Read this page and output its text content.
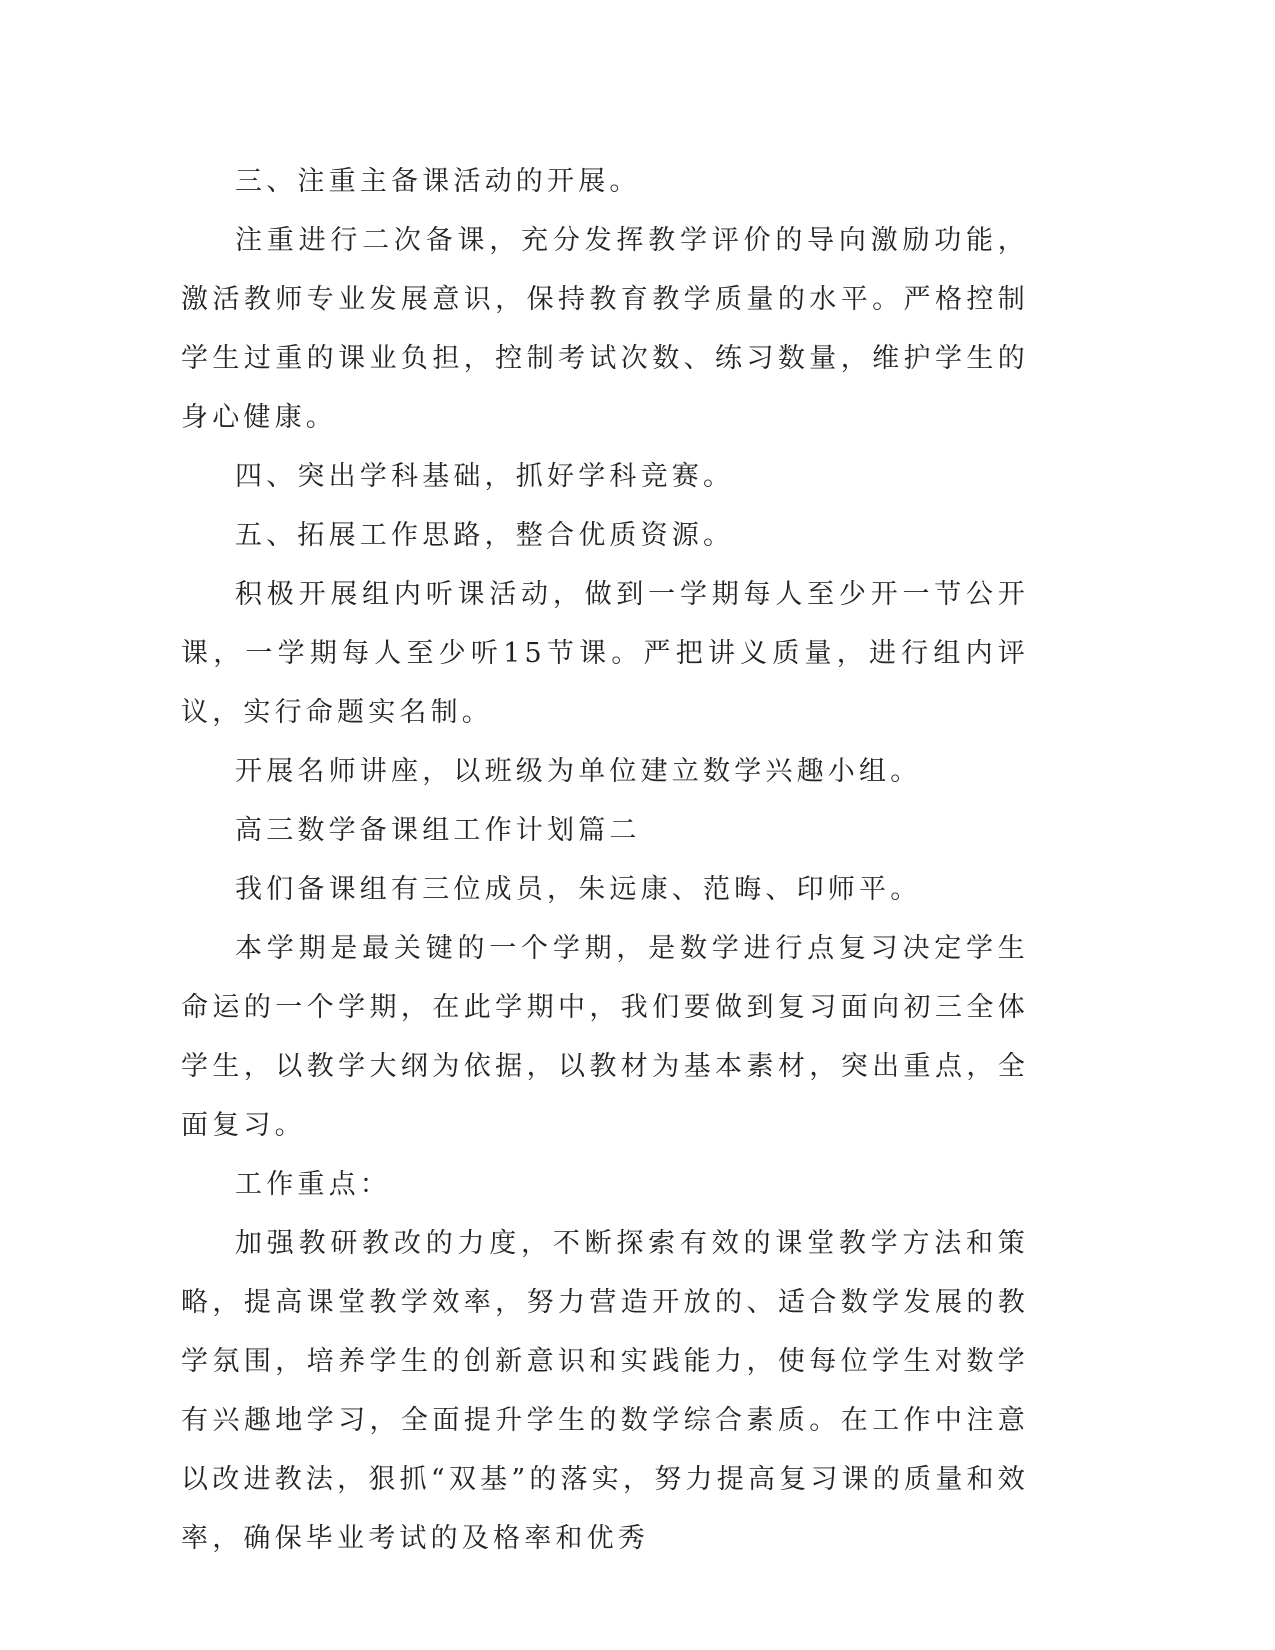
三、注重主备课活动的开展。

注重进行二次备课，充分发挥教学评价的导向激励功能，激活教师专业发展意识，保持教育教学质量的水平。严格控制学生过重的课业负担，控制考试次数、练习数量，维护学生的身心健康。

四、突出学科基础，抓好学科竞赛。

五、拓展工作思路，整合优质资源。

积极开展组内听课活动，做到一学期每人至少开一节公开课，一学期每人至少听15节课。严把讲义质量，进行组内评议，实行命题实名制。

开展名师讲座，以班级为单位建立数学兴趣小组。

高三数学备课组工作计划篇二

我们备课组有三位成员，朱远康、范晦、印师平。

本学期是最关键的一个学期，是数学进行点复习决定学生命运的一个学期，在此学期中，我们要做到复习面向初三全体学生，以教学大纲为依据，以教材为基本素材，突出重点，全面复习。

工作重点：

加强教研教改的力度，不断探索有效的课堂教学方法和策略，提高课堂教学效率，努力营造开放的、适合数学发展的教学氛围，培养学生的创新意识和实践能力，使每位学生对数学有兴趣地学习，全面提升学生的数学综合素质。在工作中注意以改进教法，狠抓“双基”的落实，努力提高复习课的质量和效率，确保毕业考试的及格率和优秀
